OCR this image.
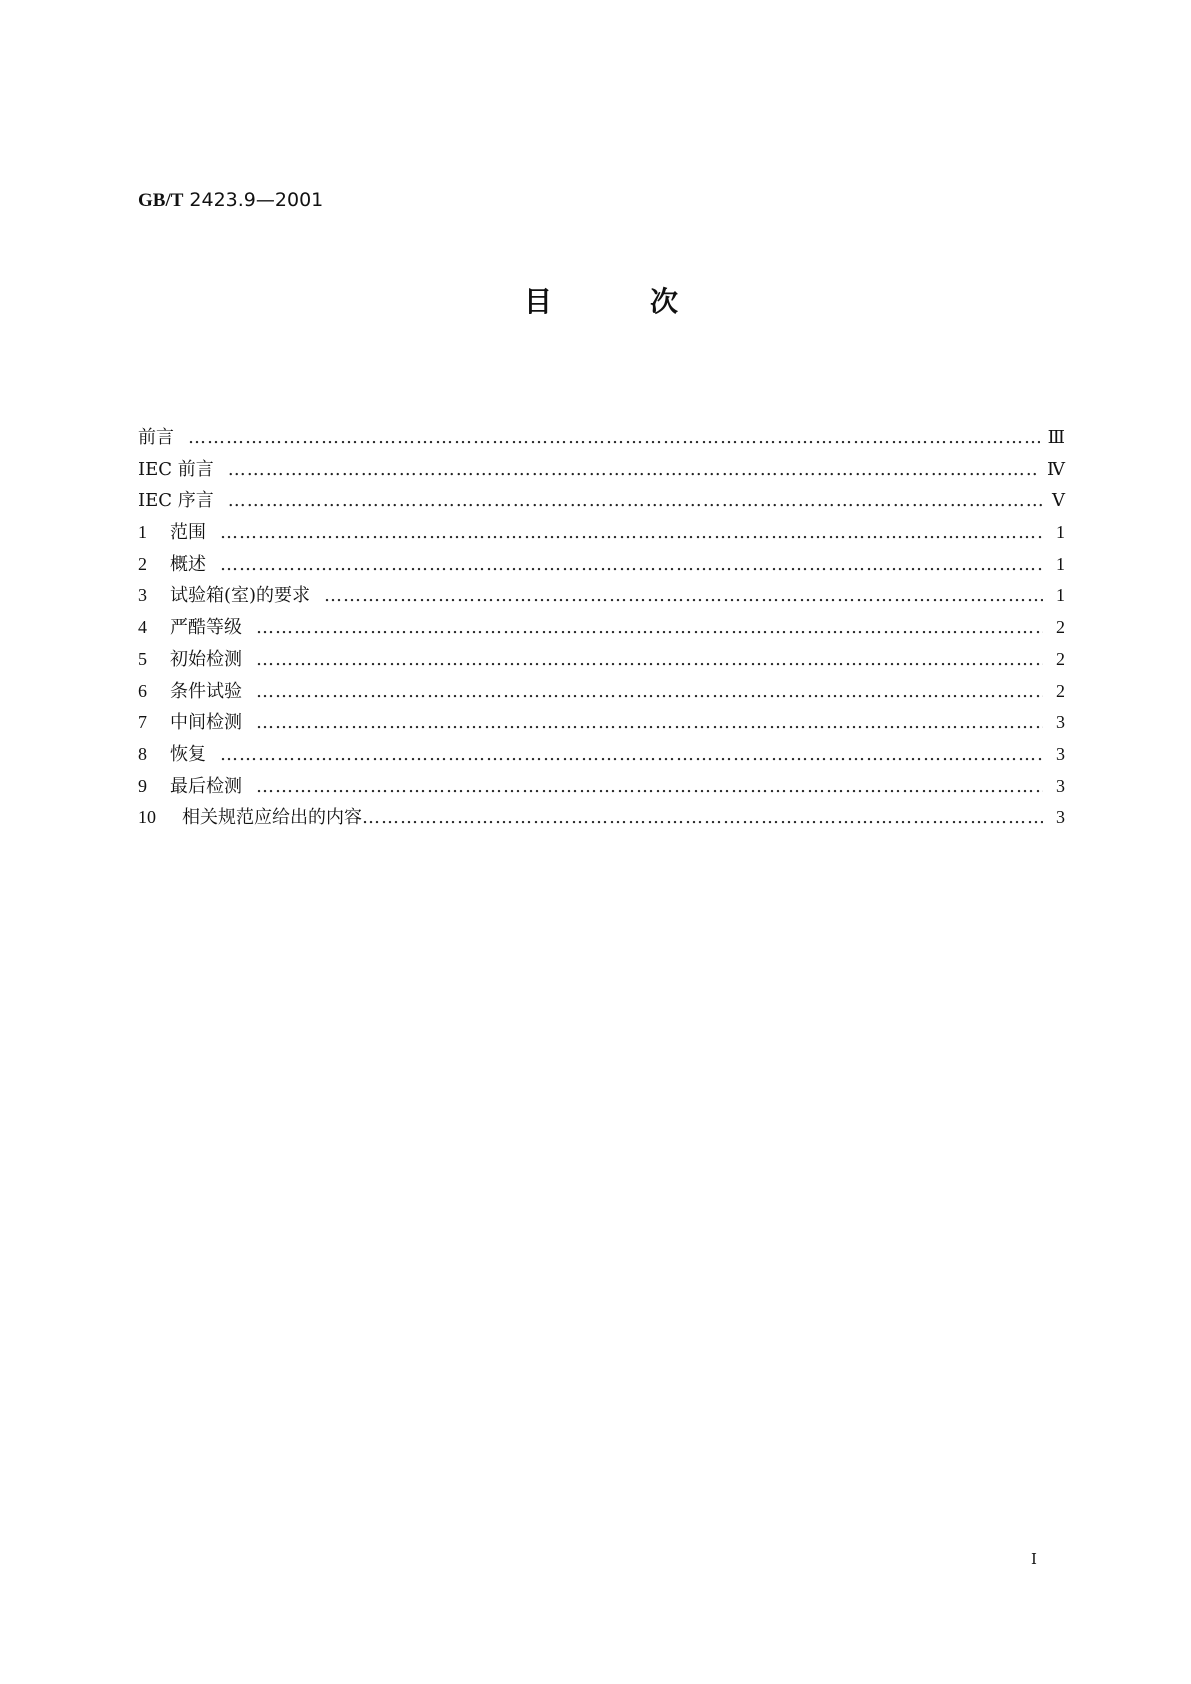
GB/T 2423.9—2001
目	次
前言 ……………………………………………………………………………………………………………………………………………………………………………………	Ⅲ
IEC 前言 ……………………………………………………………………………………………………………………………………………………………………………………	Ⅳ
IEC 序言 ……………………………………………………………………………………………………………………………………………………………………………………	Ⅴ
1	范围 ……………………………………………………………………………………………………………………………………………………………………………………	1
2	概述 ……………………………………………………………………………………………………………………………………………………………………………………	1
3	试验箱(室)的要求 ……………………………………………………………………………………………………………………………………………………………………………………	1
4	严酷等级 ……………………………………………………………………………………………………………………………………………………………………………………	2
5	初始检测 ……………………………………………………………………………………………………………………………………………………………………………………	2
6	条件试验 ……………………………………………………………………………………………………………………………………………………………………………………	2
7	中间检测 ……………………………………………………………………………………………………………………………………………………………………………………	3
8	恢复 ……………………………………………………………………………………………………………………………………………………………………………………	3
9	最后检测 ……………………………………………………………………………………………………………………………………………………………………………………	3
10	相关规范应给出的内容 ……………………………………………………………………………………………………………………………………………………………………………………	3
Ⅰ
